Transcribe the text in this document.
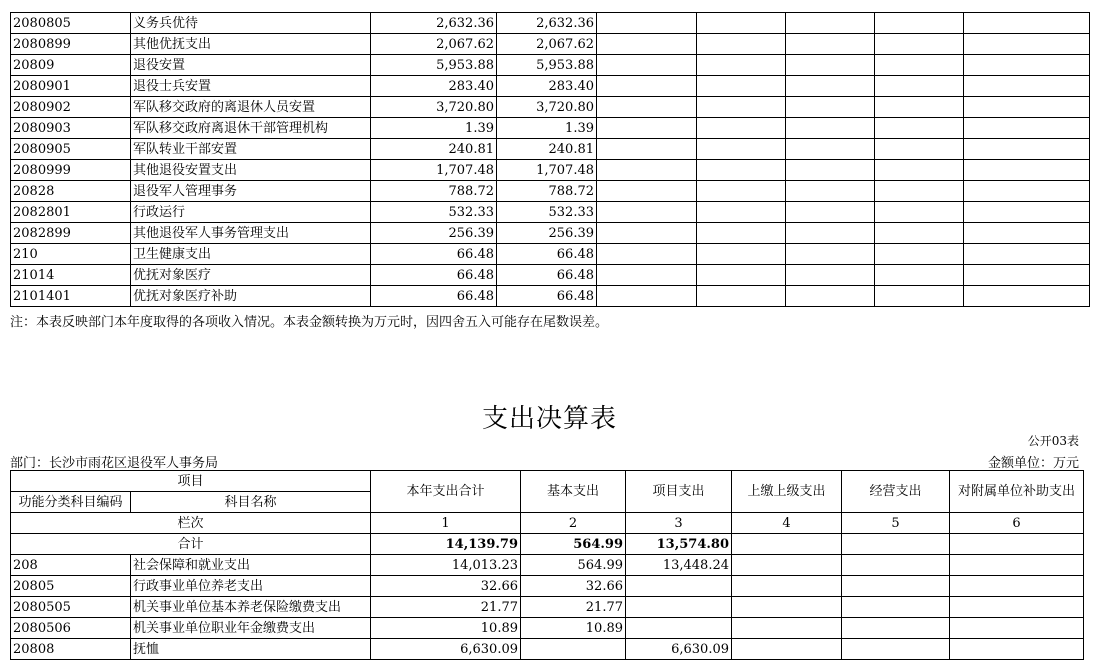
2080805	义务兵优待	2,632.36	2,632.36					
2080899	其他优抚支出	2,067.62	2,067.62					
20809	退役安置	5,953.88	5,953.88					
2080901	退役士兵安置	283.40	283.40					
2080902	军队移交政府的离退休人员安置	3,720.80	3,720.80					
2080903	军队移交政府离退休干部管理机构	1.39	1.39					
2080905	军队转业干部安置	240.81	240.81					
2080999	其他退役安置支出	1,707.48	1,707.48					
20828	退役军人管理事务	788.72	788.72					
2082801	行政运行	532.33	532.33					
2082899	其他退役军人事务管理支出	256.39	256.39					
210	卫生健康支出	66.48	66.48					
21014	优抚对象医疗	66.48	66.48					
2101401	优抚对象医疗补助	66.48	66.48					
注：本表反映部门本年度取得的各项收入情况。本表金额转换为万元时，因四舍五入可能存在尾数误差。
支出决算表
公开03表
部门：长沙市雨花区退役军人事务局	金额单位：万元
项目		本年支出合计	基本支出	项目支出	上缴上级支出	经营支出	对附属单位补助支出
功能分类科目编码	科目名称						
栏次		1	2	3	4	5	6
合计		14,139.79	564.99	13,574.80			
208	社会保障和就业支出	14,013.23	564.99	13,448.24			
20805	行政事业单位养老支出	32.66	32.66				
2080505	机关事业单位基本养老保险缴费支出	21.77	21.77				
2080506	机关事业单位职业年金缴费支出	10.89	10.89				
20808	抚恤	6,630.09		6,630.09			
